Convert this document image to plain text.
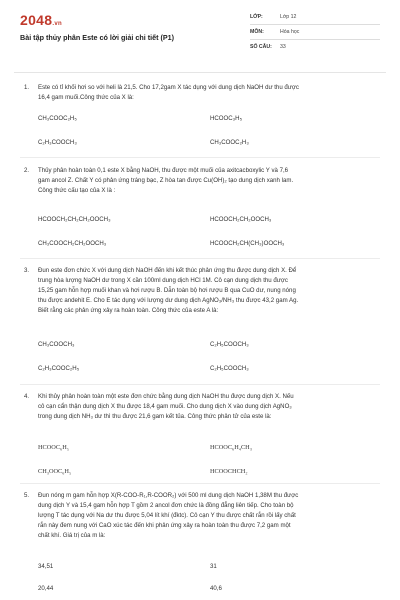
2048.vn
Bài tập thủy phân Este có lời giải chi tiết (P1)
LỚP:	Lớp 12
MÔN:	Hóa học
SỐ CÂU:	33
1.	Este có tỉ khối hơi so với heli là 21,5. Cho 17,2gam X tác dụng với dung dịch NaOH dư thu được
16,4 gam muối.Công thức của X là:
CH₃COOC₂H₅	HCOOC₃H₅
C₂H₃COOCH₃	CH₃COOC₂H₃
2.	Thủy phân hoàn toàn 0,1 este X bằng NaOH, thu được một muối của axitcacboxylic Y và 7,6
gam ancol Z. Chất Y có phản ứng tráng bạc, Z hòa tan được Cu(OH)₂ tạo dung dịch xanh lam.
Công thức cấu tạo của X là :
HCOOCH₂CH₂CH₂OOCH₃	HCOOCH₂CH₂OOCH₃
CH₃COOCH₂CH₂OOCH₃	HCOOCH₂CH(CH₃)OOCH₃
3.	Đun este đơn chức X với dung dịch NaOH đến khi kết thúc phản ứng thu được dung dịch X. Để
trung hòa lượng NaOH dư trong X cần 100ml dung dịch HCl 1M. Cô cạn dung dịch thu được
15,25 gam hỗn hợp muối khan và hơi rượu B. Dẫn toàn bộ hơi rượu B qua CuO dư, nung nóng
thu được andehit E. Cho E tác dụng với lượng dư dung dịch AgNO₃/NH₃ thu được 43,2 gam Ag.
Biết rằng các phản ứng xảy ra hoàn toàn. Công thức của este A là:
CH₃COOCH₃	C₂H₅COOCH₃
C₂H₃COOC₂H₅	C₂H₅COOCH₃
4.	Khi thủy phân hoàn toàn một este đơn chức bằng dung dịch NaOH thu được dung dịch X. Nếu
cô cạn cẩn thận dung dịch X thu được 18,4 gam muối. Cho dung dịch X vào dung dịch AgNO₃
trong dung dịch NH₃ dư thì thu được 21,6 gam kết tủa. Công thức phân tử của este là:
HCOOC₆H₅	HCOOC₆H₄CH₃
CH₃OOC₆H₅	HCOOCHCH₂
5.	Đun nóng m gam hỗn hợp X(R-COO-R₁,R-COOR₂) với 500 ml dung dịch NaOH 1,38M thu được
dung dịch Y và 15,4 gam hỗn hợp T gồm 2 ancol đơn chức là đồng đẳng liên tiếp. Cho toàn bộ
lượng T tác dụng với Na dư thu được 5,04 lít khí (đktc). Cô cạn Y thu được chất rắn rồi lấy chất
rắn này đem nung với CaO xúc tác đến khi phản ứng xảy ra hoàn toàn thu được 7,2 gam một
chất khí. Giá trị của m là:
34,51	31
20,44	40,6
